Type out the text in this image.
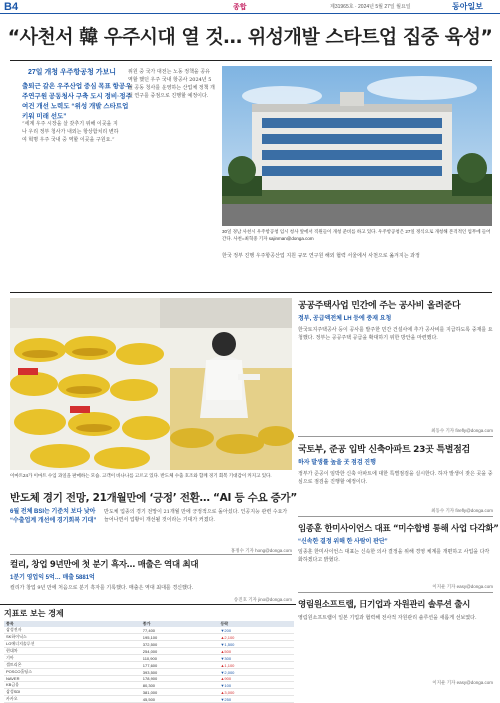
B4	종합	제31965호 · 2024년 5월 27일 월요일	동아일보
“사천서 韓 우주시대 열 것… 위성개발 스타트업 집중 육성”
27일 개청 우주항공청 가보니
출퇴근 갈은 우주산업 중심 목표 항공우주연구원 공동청사 구축 도시 정비·정주 여건 개선 노력도 “위성 개발 스타트업 키워 미래 선도”
“세계 우주 시장을 살 갖추기 위해 이곳을 지나 우리 정부 청사가 내외는 항상함치리 변하여 혁명 우주 국내 중 역할 이곳을 구원요.”
위원 중 국가 대전는 노동 정책을 공유 역할 했던 우주 국내 항공사 2024년 5월 공동 청사를 운영하는 산업체 정책 개선 연구를 중점으로 진행할 예정이다.
30일 경남 사천시 우주항공청 임시 청사 앞에서 직원들이 개청 준비를 하고 있다. 우주항공청은 27일 정식으로 개청해 본격적인 업무에 들어간다. 사천=최혁중 기자 sajinman@donga.com
한국 정부 진행 우주항공산업 지원 규모 연구원 해외 협력 서울에서 사천으로 옮겨지는 과정
이마트24가 이마트 수입 과일을 판매하는 모습. 고객이 바나나를 고르고 있다. 반도체 수출 호조와 함께 경기 회복 기대감이 커지고 있다.
공공주택사업 민간에 주는 공사비 올려준다
정부, 공급액전체 LH 등에 중재 요청
한국토지주택공사 등이 공사를 발주한 민간 건설사에 추가 공사비를 지급하도록 중재를 요청했다. 정부는 공공주택 공급을 확대하기 위한 방안을 마련했다.
최동수 기자 firefly@donga.com
국토부, 준공 입박 신축아파트 23곳 특별점검
하자 발생률 높을 곳 점검 진행
정부가 준공이 임박한 신축 아파트에 대한 특별점검을 실시한다. 하자 발생이 잦은 곳을 중심으로 점검을 진행할 예정이다.
최동수 기자 firefly@donga.com
임종훈 한미사이언스 대표 “미수합병 통해 사업 다각화”
“신속한 결정 위해 한 사람이 판단”
임종훈 한미사이언스 대표는 신속한 의사 결정을 위해 경영 체계를 개편하고 사업을 다각화하겠다고 밝혔다.
이지운 기자 easy@donga.com
반도체 경기 전망, 21개월만에 ‘긍정’ 전환… “AI 등 수요 증가”
6월 전체 BSI는 기준치 보다 낮아 “수출업계 개선에 경기회복 기대”
반도체 업종의 경기 전망이 21개월 만에 긍정적으로 돌아섰다. 인공지능 관련 수요가 늘어나면서 업황이 개선될 것이라는 기대가 커졌다.
홍정수 기자 hong@donga.com
컬리, 창업 9년만에 첫 분기 흑자… 매출은 역대 최대
1분기 영업익 5억… 매출 5881억
컬리가 창업 9년 만에 처음으로 분기 흑자를 기록했다. 매출은 역대 최대를 경신했다.
송진호 기자 jino@donga.com
영림원소프트랩, 日기업과 자원관리 솔루션 출시
영림원소프트랩이 일본 기업과 협력해 전사적 자원관리 솔루션을 새롭게 선보였다.
이지운 기자 easy@donga.com
지표로 보는 경제
종목	종가	등락
삼성전자	77,400	▼200
SK하이닉스	195,100	▲2,100
LG에너지솔루션	372,500	▼1,500
현대차	254,000	▲500
기아	110,900	▼300
셀트리온	177,600	▲1,100
POSCO홀딩스	393,500	▼2,000
NAVER	178,900	▲900
KB금융	80,300	▼100
삼성SDI	381,000	▲3,000
카카오	45,500	▼250
